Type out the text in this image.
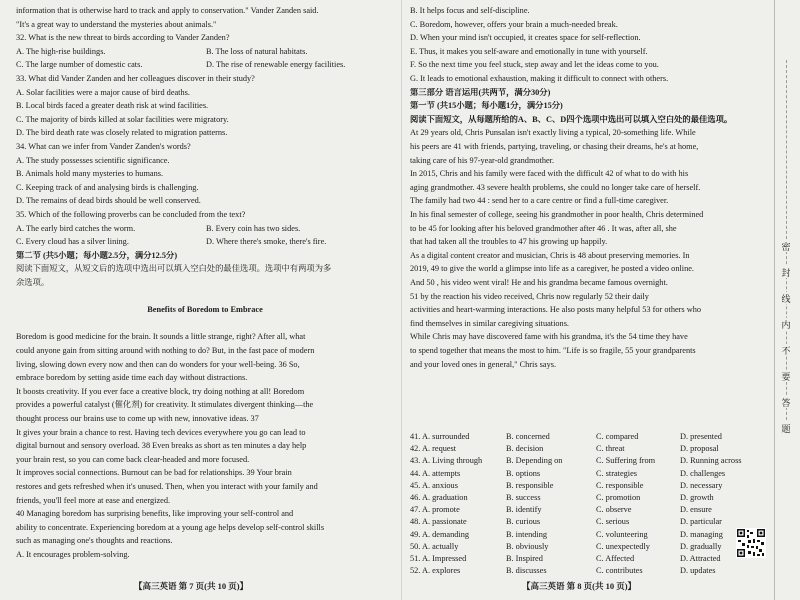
information that is otherwise hard to track and apply to conservation." Vander Zanden said.
"It's a great way to understand the mysteries about animals."
32. What is the new threat to birds according to Vander Zanden?
A. The high-rise buildings.	B. The loss of natural habitats.
C. The large number of domestic cats.	D. The rise of renewable energy facilities.
33. What did Vander Zanden and her colleagues discover in their study?
A. Solar facilities were a major cause of bird deaths.
B. Local birds faced a greater death risk at wind facilities.
C. The majority of birds killed at solar facilities were migratory.
D. The bird death rate was closely related to migration patterns.
34. What can we infer from Vander Zanden's words?
A. The study possesses scientific significance.
B. Animals hold many mysteries to humans.
C. Keeping track of and analysing birds is challenging.
D. The remains of dead birds should be well conserved.
35. Which of the following proverbs can be concluded from the text?
A. The early bird catches the worm.	B. Every coin has two sides.
C. Every cloud has a silver lining.	D. Where there's smoke, there's fire.
第二节 (共5小题；每小题2.5分，满分12.5分)
阅读下面短文，从短文后的选项中选出可以填入空白处的最佳选项。选项中有两项为多
余选项。
Benefits of Boredom to Embrace
Boredom is good medicine for the brain. It sounds a little strange, right? After all, what
could anyone gain from sitting around with nothing to do? But, in the fast pace of modern
living, slowing down every now and then can do wonders for your well-being. 36 So,
embrace boredom by setting aside time each day without distractions.
It boosts creativity. If you ever face a creative block, try doing nothing at all! Boredom
provides a powerful catalyst (催化剂) for creativity. It stimulates divergent thinking—the
thought process our brains use to come up with new, innovative ideas. 37
It gives your brain a chance to rest. Having tech devices everywhere you go can lead to
digital burnout and sensory overload. 38 Even breaks as short as ten minutes a day help
your brain rest, so you can come back clear-headed and more focused.
It improves social connections. Burnout can be bad for relationships. 39 Your brain
restores and gets refreshed when it's unused. Then, when you interact with your family and
friends, you'll feel more at ease and energized.
40 Managing boredom has surprising benefits, like improving your self-control and
ability to concentrate. Experiencing boredom at a young age helps develop self-control skills
such as managing one's thoughts and reactions.
A. It encourages problem-solving.
【高三英语 第 7 页(共 10 页)】
B. It helps focus and self-discipline.
C. Boredom, however, offers your brain a much-needed break.
D. When your mind isn't occupied, it creates space for self-reflection.
E. Thus, it makes you self-aware and emotionally in tune with yourself.
F. So the next time you feel stuck, step away and let the ideas come to you.
G. It leads to emotional exhaustion, making it difficult to connect with others.
第三部分 语言运用(共两节，满分30分)
第一节 (共15小题；每小题1分，满分15分)
阅读下面短文，从每题所给的A、B、C、D四个选项中选出可以填入空白处的最佳选项。
At 29 years old, Chris Punsalan isn't exactly living a typical, 20-something life. While
his peers are 41 with friends, partying, traveling, or chasing their dreams, he's at home,
taking care of his 97-year-old grandmother.
In 2015, Chris and his family were faced with the difficult 42 of what to do with his
aging grandmother. 43 severe health problems, she could no longer take care of herself.
The family had two 44 : send her to a care centre or find a full-time caregiver.
In his final semester of college, seeing his grandmother in poor health, Chris determined
to be 45 for looking after his beloved grandmother after 46 . It was, after all, she
that had taken all the troubles to 47 his growing up happily.
As a digital content creator and musician, Chris is 48 about preserving memories. In
2019, 49 to give the world a glimpse into life as a caregiver, he posted a video online.
And 50 , his video went viral! He and his grandma became famous overnight.
51 by the reaction his video received, Chris now regularly 52 their daily
activities and heart-warming interactions. He also posts many helpful 53 for others who
find themselves in similar caregiving situations.
While Chris may have discovered fame with his grandma, it's the 54 time they have
to spend together that means the most to him. "Life is so fragile, 55 your grandparents
and your loved ones in general," Chris says.
【高三英语 第 8 页(共 10 页)】
41. A. surrounded	B. concerned	C. compared	D. presented
42. A. request	B. decision	C. threat	D. proposal
43. A. Living through	B. Depending on	C. Suffering from	D. Running across
44. A. attempts	B. options	C. strategies	D. challenges
45. A. anxious	B. responsible	C. responsible	D. necessary
46. A. graduation	B. success	C. promotion	D. growth
47. A. promote	B. identify	C. observe	D. ensure
48. A. passionate	B. curious	C. serious	D. particular
49. A. demanding	B. intending	C. volunteering	D. managing
50. A. actually	B. obviously	C. unexpectedly	D. gradually
51. A. Impressed	B. Inspired	C. Affected	D. Attracted
52. A. explores	B. discusses	C. contributes	D. updates
密
封
线
内
不
要
答
题
